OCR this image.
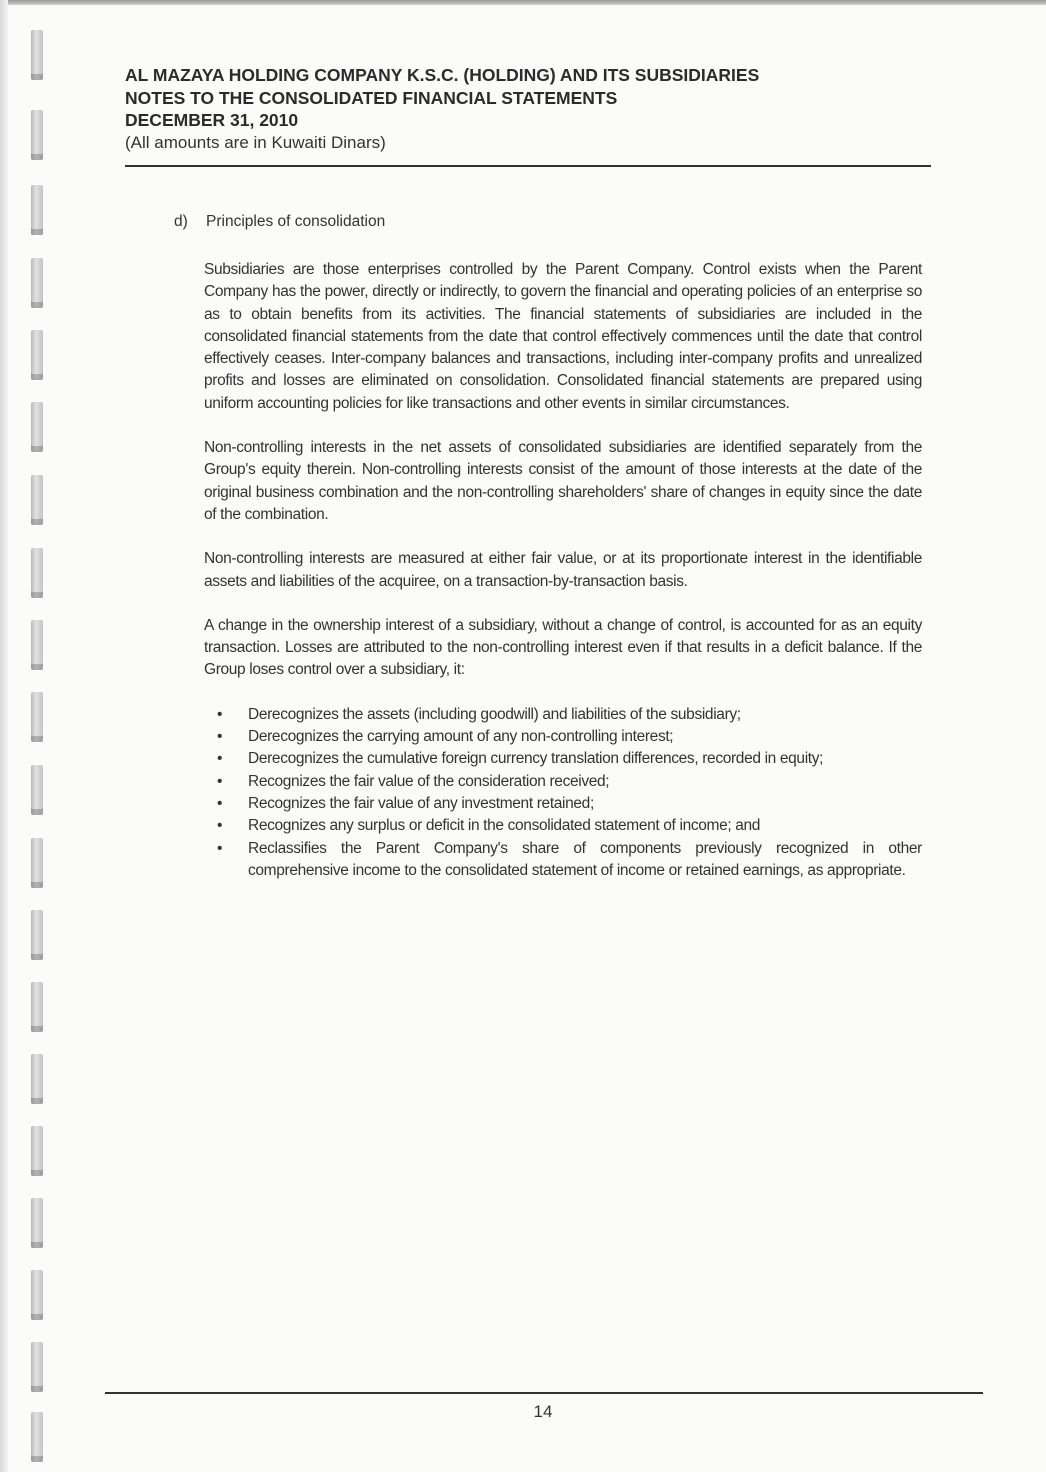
AL MAZAYA HOLDING COMPANY K.S.C. (HOLDING) AND ITS SUBSIDIARIES
NOTES TO THE CONSOLIDATED FINANCIAL STATEMENTS
DECEMBER 31, 2010
(All amounts are in Kuwaiti Dinars)
d) Principles of consolidation

Subsidiaries are those enterprises controlled by the Parent Company. Control exists when the Parent Company has the power, directly or indirectly, to govern the financial and operating policies of an enterprise so as to obtain benefits from its activities. The financial statements of subsidiaries are included in the consolidated financial statements from the date that control effectively commences until the date that control effectively ceases. Inter-company balances and transactions, including inter-company profits and unrealized profits and losses are eliminated on consolidation. Consolidated financial statements are prepared using uniform accounting policies for like transactions and other events in similar circumstances.

Non-controlling interests in the net assets of consolidated subsidiaries are identified separately from the Group's equity therein. Non-controlling interests consist of the amount of those interests at the date of the original business combination and the non-controlling shareholders' share of changes in equity since the date of the combination.

Non-controlling interests are measured at either fair value, or at its proportionate interest in the identifiable assets and liabilities of the acquiree, on a transaction-by-transaction basis.

A change in the ownership interest of a subsidiary, without a change of control, is accounted for as an equity transaction. Losses are attributed to the non-controlling interest even if that results in a deficit balance. If the Group loses control over a subsidiary, it:

• Derecognizes the assets (including goodwill) and liabilities of the subsidiary;
• Derecognizes the carrying amount of any non-controlling interest;
• Derecognizes the cumulative foreign currency translation differences, recorded in equity;
• Recognizes the fair value of the consideration received;
• Recognizes the fair value of any investment retained;
• Recognizes any surplus or deficit in the consolidated statement of income; and
• Reclassifies the Parent Company's share of components previously recognized in other comprehensive income to the consolidated statement of income or retained earnings, as appropriate.
14
